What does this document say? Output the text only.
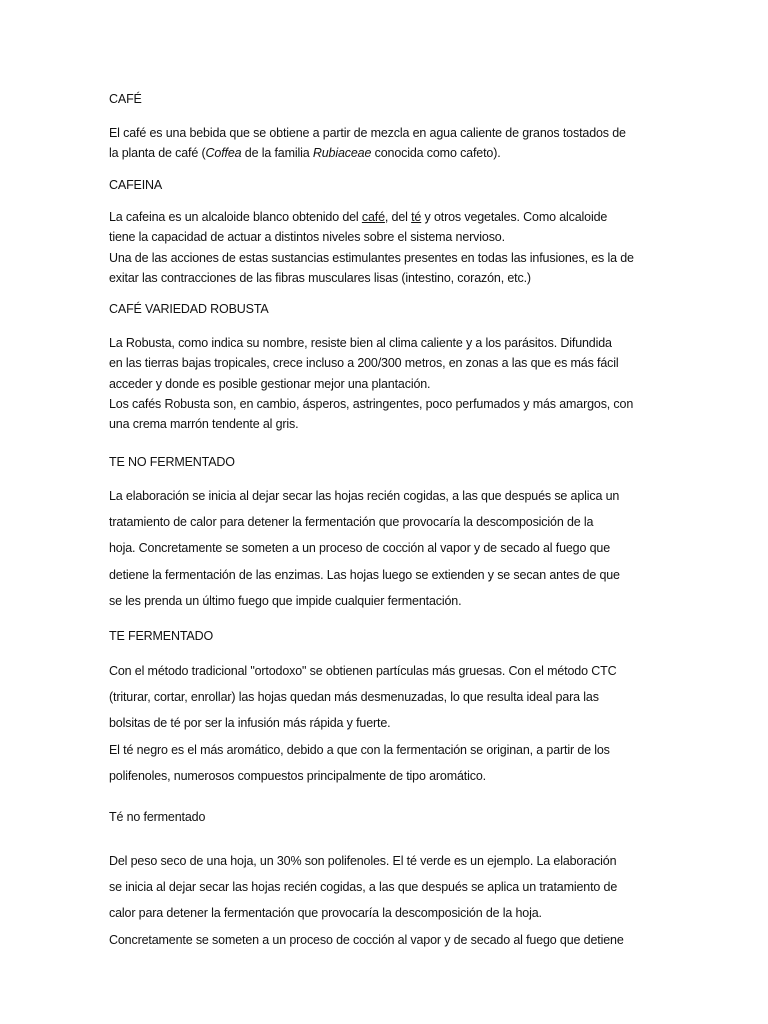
CAFÉ

El café es una bebida que se obtiene a partir de mezcla en agua caliente de granos tostados de
la planta de café (Coffea de la familia Rubiaceae conocida como cafeto).

CAFEINA

La cafeina es un alcaloide blanco obtenido del café, del té y otros vegetales. Como alcaloide
tiene la capacidad de actuar a distintos niveles sobre el sistema nervioso.
Una de las acciones de estas sustancias estimulantes presentes en todas las infusiones, es la de
exitar las contracciones de las fibras musculares lisas (intestino, corazón, etc.)

CAFÉ VARIEDAD ROBUSTA

La Robusta, como indica su nombre, resiste bien al clima caliente y a los parásitos. Difundida
en las tierras bajas tropicales, crece incluso a 200/300 metros, en zonas a las que es más fácil
acceder y donde es posible gestionar mejor una plantación.
Los cafés Robusta son, en cambio, ásperos, astringentes, poco perfumados y más amargos, con
una crema marrón tendente al gris.

TE NO FERMENTADO

La elaboración se inicia al dejar secar las hojas recién cogidas, a las que después se aplica un
tratamiento de calor para detener la fermentación que provocaría la descomposición de la
hoja. Concretamente se someten a un proceso de cocción al vapor y de secado al fuego que
detiene la fermentación de las enzimas. Las hojas luego se extienden y se secan antes de que
se les prenda un último fuego que impide cualquier fermentación.

TE FERMENTADO

Con el método tradicional "ortodoxo" se obtienen partículas más gruesas. Con el método CTC
(triturar, cortar, enrollar) las hojas quedan más desmenuzadas, lo que resulta ideal para las
bolsitas de té por ser la infusión más rápida y fuerte.
El té negro es el más aromático, debido a que con la fermentación se originan, a partir de los
polifenoles, numerosos compuestos principalmente de tipo aromático.

Té no fermentado

Del peso seco de una hoja, un 30% son polifenoles. El té verde es un ejemplo. La elaboración
se inicia al dejar secar las hojas recién cogidas, a las que después se aplica un tratamiento de
calor para detener la fermentación que provocaría la descomposición de la hoja.
Concretamente se someten a un proceso de cocción al vapor y de secado al fuego que detiene
